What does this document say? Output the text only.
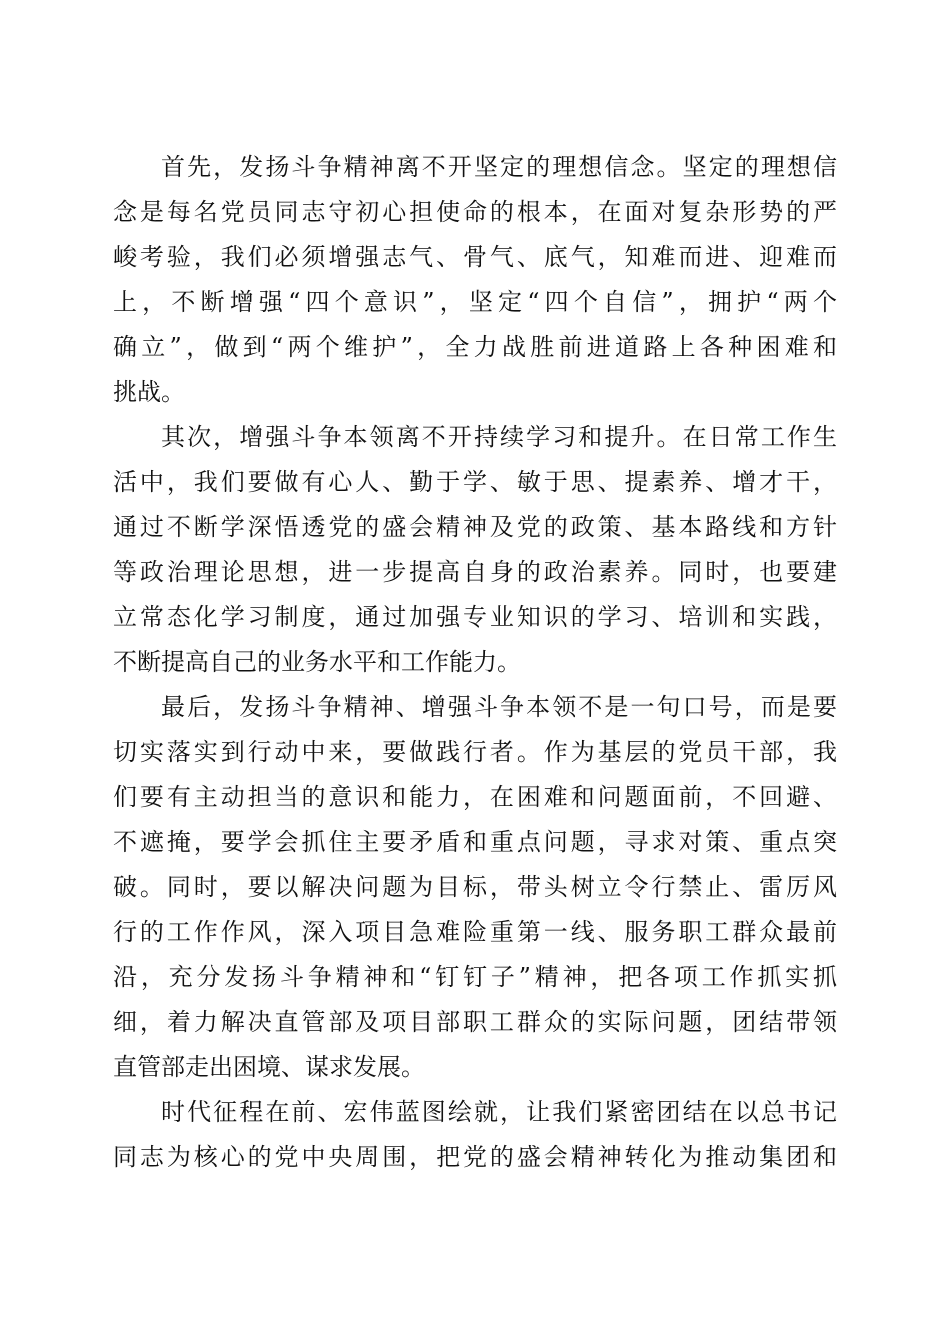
首先，发扬斗争精神离不开坚定的理想信念。坚定的理想信
念是每名党员同志守初心担使命的根本，在面对复杂形势的严
峻考验，我们必须增强志气、骨气、底气，知难而进、迎难而
上，不断增强“四个意识”，坚定“四个自信”，拥护“两个
确立”，做到“两个维护”，全力战胜前进道路上各种困难和
挑战。
其次，增强斗争本领离不开持续学习和提升。在日常工作生
活中，我们要做有心人、勤于学、敏于思、提素养、增才干，
通过不断学深悟透党的盛会精神及党的政策、基本路线和方针
等政治理论思想，进一步提高自身的政治素养。同时，也要建
立常态化学习制度，通过加强专业知识的学习、培训和实践，
不断提高自己的业务水平和工作能力。
最后，发扬斗争精神、增强斗争本领不是一句口号，而是要
切实落实到行动中来，要做践行者。作为基层的党员干部，我
们要有主动担当的意识和能力，在困难和问题面前，不回避、
不遮掩，要学会抓住主要矛盾和重点问题，寻求对策、重点突
破。同时，要以解决问题为目标，带头树立令行禁止、雷厉风
行的工作作风，深入项目急难险重第一线、服务职工群众最前
沿，充分发扬斗争精神和“钉钉子”精神，把各项工作抓实抓
细，着力解决直管部及项目部职工群众的实际问题，团结带领
直管部走出困境、谋求发展。
时代征程在前、宏伟蓝图绘就，让我们紧密团结在以总书记
同志为核心的党中央周围，把党的盛会精神转化为推动集团和
